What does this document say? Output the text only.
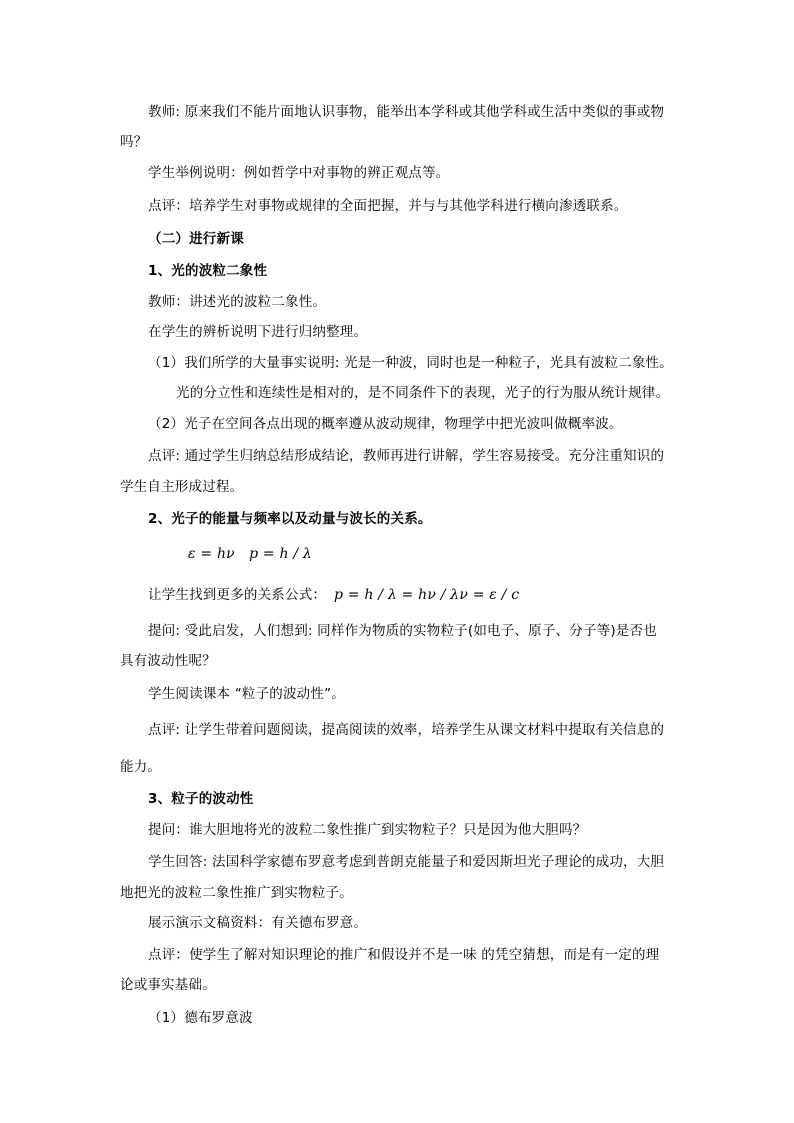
教师: 原来我们不能片面地认识事物，能举出本学科或其他学科或生活中类似的事或物
吗？
学生举例说明：例如哲学中对事物的辨正观点等。
点评：培养学生对事物或规律的全面把握，并与与其他学科进行横向渗透联系。
（二）进行新课
1、光的波粒二象性
教师：讲述光的波粒二象性。
在学生的辨析说明下进行归纳整理。
（1）我们所学的大量事实说明: 光是一种波，同时也是一种粒子，光具有波粒二象性。
光的分立性和连续性是相对的，是不同条件下的表现，光子的行为服从统计规律。
（2）光子在空间各点出现的概率遵从波动规律，物理学中把光波叫做概率波。
点评: 通过学生归纳总结形成结论，教师再进行讲解，学生容易接受。充分注重知识的
学生自主形成过程。
2、光子的能量与频率以及动量与波长的关系。
ε = hν　p = h / λ
让学生找到更多的关系公式： p = h / λ = hν / λν = ε / c
提问: 受此启发，人们想到: 同样作为物质的实物粒子(如电子、原子、分子等)是否也
具有波动性呢？
学生阅读课本 “粒子的波动性”。
点评: 让学生带着问题阅读，提高阅读的效率，培养学生从课文材料中提取有关信息的
能力。
3、粒子的波动性
提问：谁大胆地将光的波粒二象性推广到实物粒子？只是因为他大胆吗？
学生回答: 法国科学家德布罗意考虑到普朗克能量子和爱因斯坦光子理论的成功，大胆
地把光的波粒二象性推广到实物粒子。
展示演示文稿资料：有关德布罗意。
点评：使学生了解对知识理论的推广和假设并不是一味 的凭空猜想，而是有一定的理
论或事实基础。
（1）德布罗意波
